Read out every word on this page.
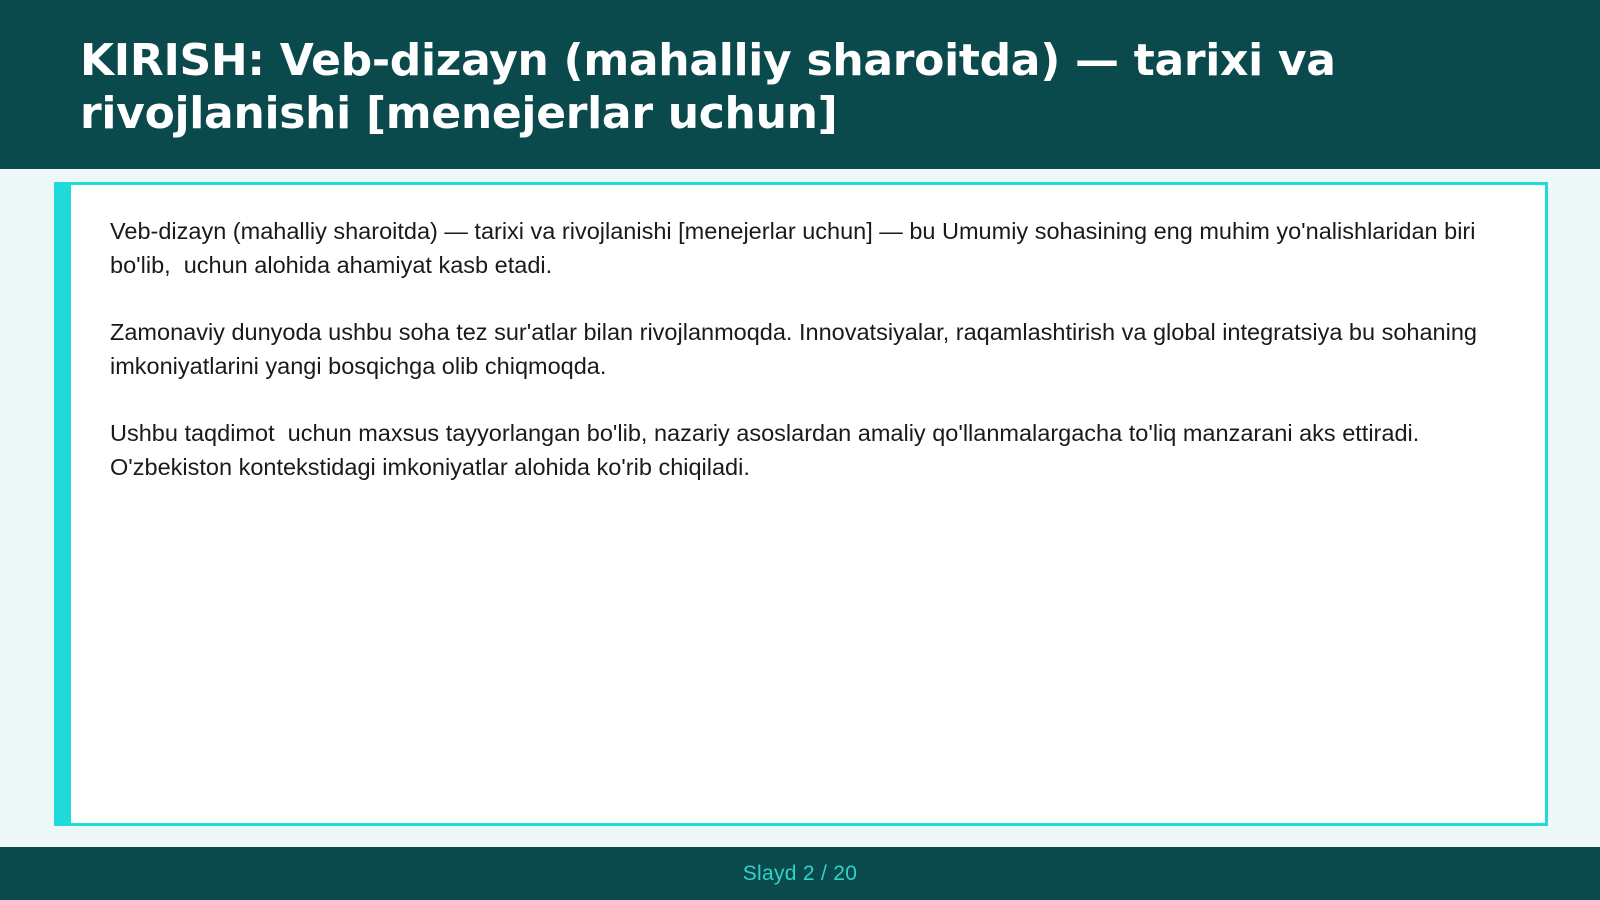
KIRISH: Veb-dizayn (mahalliy sharoitda) — tarixi va rivojlanishi [menejerlar uchun]

Veb-dizayn (mahalliy sharoitda) — tarixi va rivojlanishi [menejerlar uchun] — bu Umumiy sohasining eng muhim yo'nalishlaridan biri bo'lib,  uchun alohida ahamiyat kasb etadi.

Zamonaviy dunyoda ushbu soha tez sur'atlar bilan rivojlanmoqda. Innovatsiyalar, raqamlashtirish va global integratsiya bu sohaning imkoniyatlarini yangi bosqichga olib chiqmoqda.

Ushbu taqdimot  uchun maxsus tayyorlangan bo'lib, nazariy asoslardan amaliy qo'llanmalargacha to'liq manzarani aks ettiradi. O'zbekiston kontekstidagi imkoniyatlar alohida ko'rib chiqiladi.

Slayd 2 / 20
